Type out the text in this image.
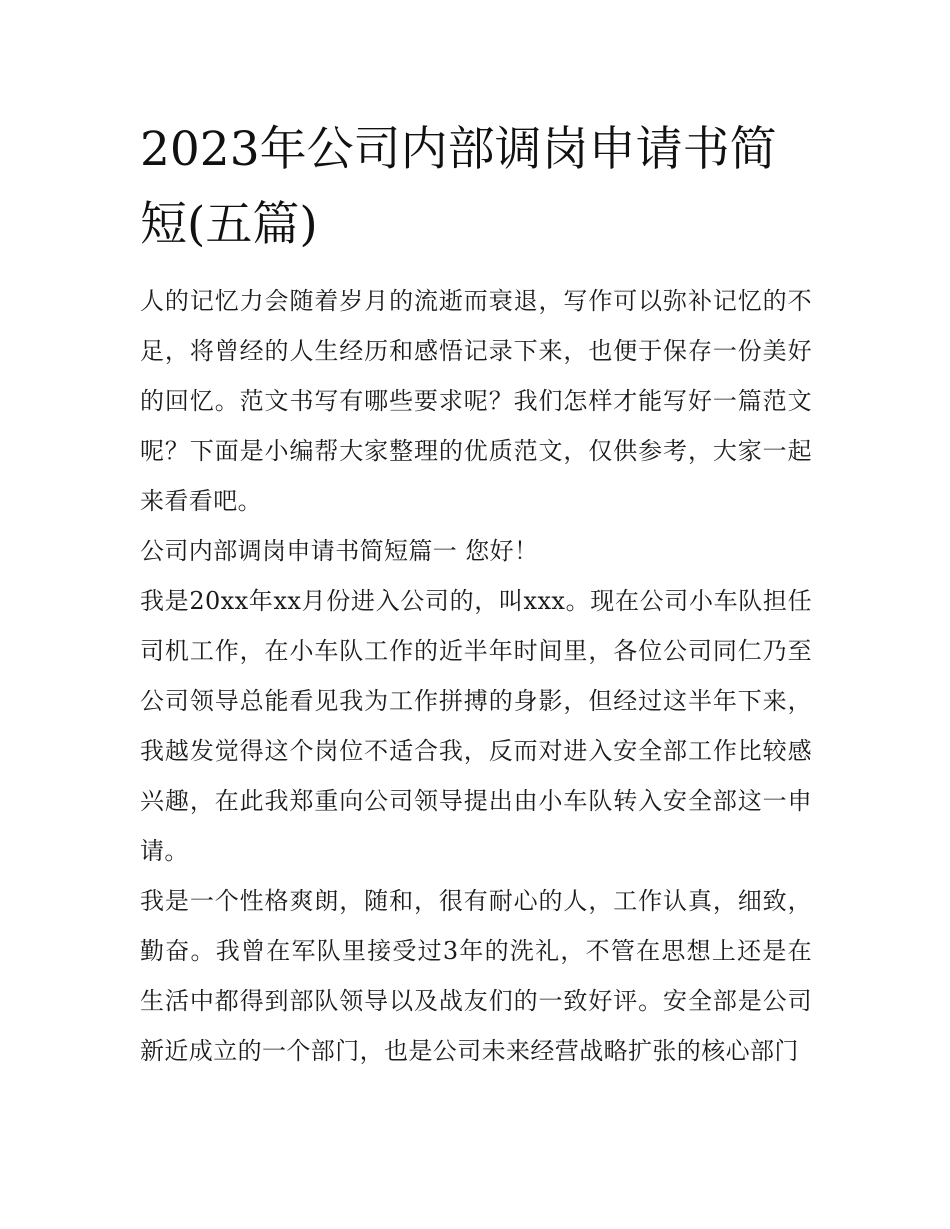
2023年公司内部调岗申请书简
短(五篇)

人的记忆力会随着岁月的流逝而衰退，写作可以弥补记忆的不足，将曾经的人生经历和感悟记录下来，也便于保存一份美好的回忆。范文书写有哪些要求呢？我们怎样才能写好一篇范文呢？下面是小编帮大家整理的优质范文，仅供参考，大家一起来看看吧。

公司内部调岗申请书简短篇一 您好！

我是20xx年xx月份进入公司的，叫xxx。现在公司小车队担任司机工作，在小车队工作的近半年时间里，各位公司同仁乃至公司领导总能看见我为工作拼搏的身影，但经过这半年下来，我越发觉得这个岗位不适合我，反而对进入安全部工作比较感兴趣，在此我郑重向公司领导提出由小车队转入安全部这一申请。

我是一个性格爽朗，随和，很有耐心的人，工作认真，细致，勤奋。我曾在军队里接受过3年的洗礼，不管在思想上还是在生活中都得到部队领导以及战友们的一致好评。安全部是公司新近成立的一个部门，也是公司未来经营战略扩张的核心部门
